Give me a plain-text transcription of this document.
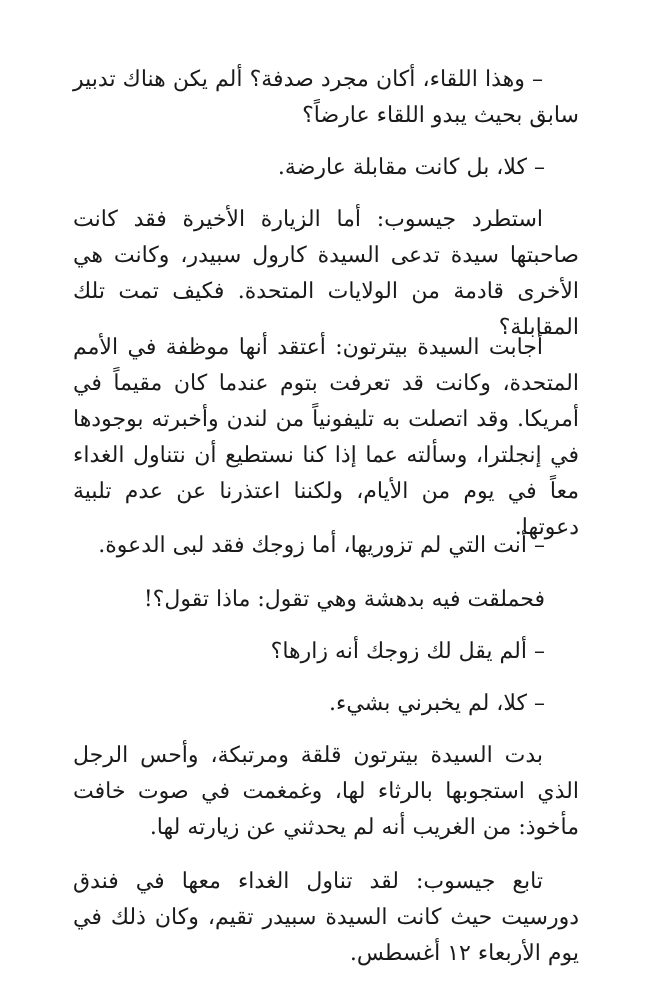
– وهذا اللقاء، أكان مجرد صدفة؟ ألم يكن هناك تدبير سابق بحيث يبدو اللقاء عارضاً؟

– كلا، بل كانت مقابلة عارضة.

استطرد جيسوب: أما الزيارة الأخيرة فقد كانت صاحبتها سيدة تدعى السيدة كارول سبيدر، وكانت هي الأخرى قادمة من الولايات المتحدة. فكيف تمت تلك المقابلة؟

أجابت السيدة بيترتون: أعتقد أنها موظفة في الأمم المتحدة، وكانت قد تعرفت بتوم عندما كان مقيماً في أمريكا. وقد اتصلت به تليفونياً من لندن وأخبرته بوجودها في إنجلترا، وسألته عما إذا كنا نستطيع أن نتناول الغداء معاً في يوم من الأيام، ولكننا اعتذرنا عن عدم تلبية دعوتها.

– أنت التي لم تزوريها، أما زوجك فقد لبى الدعوة.

فحملقت فيه بدهشة وهي تقول: ماذا تقول؟!

– ألم يقل لك زوجك أنه زارها؟

– كلا، لم يخبرني بشيء.

بدت السيدة بيترتون قلقة ومرتبكة، وأحس الرجل الذي استجوبها بالرثاء لها، وغمغمت في صوت خافت مأخوذ: من الغريب أنه لم يحدثني عن زيارته لها.

تابع جيسوب: لقد تناول الغداء معها في فندق دورسيت حيث كانت السيدة سبيدر تقيم، وكان ذلك في يوم الأربعاء ١٢ أغسطس.
